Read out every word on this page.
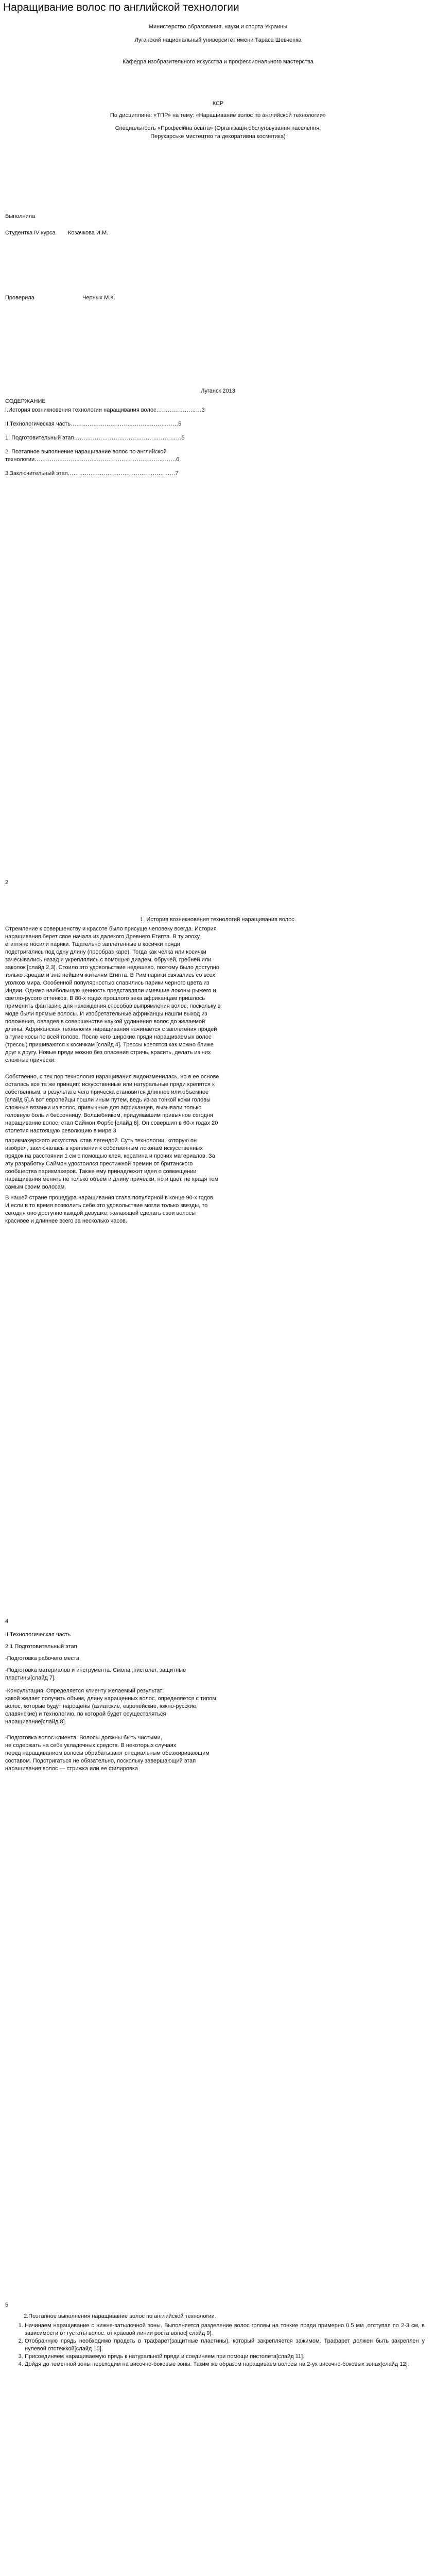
Наращивание волос по английской технологии
Министерство образования, науки и спорта Украины
Луганский национальный университет имени Тараса Шевченка
Кафедра изобразительного искусства и профессионального мастерства
КСР
По дисциплине: «ТПР» на тему: «Наращивание волос по английской технологии»
Специальность «Професійна освіта» (Організація обслуговування населення,
Перукарське мистецтво та декоративна косметика)
Выполнила
Студентка IV курса Козачкова И.М.
Проверила	Черных М.К.
Луганск 2013
СОДЕРЖАНИЕ
I.История возникновения технологии наращивания волос……………………3
II.Технологическая часть…………………………………………………5
1. Подготовительный этап…………………………………………………5
2. Поэтапное выполнение наращивание волос по английской
технологии…………………………………………………………………6
3.Заключительный этап…………………………………………………7
2
1. История возникновения технологий наращивания волос.
Стремление к совершенству и красоте было присуще человеку всегда. История
наращивания берет свое начала из далекого Древнего Египта. В ту эпоху
египтяне носили парики. Тщательно заплетенные в косички пряди
подстригались под одну длину (прообраз каре). Тогда как челка или косички
зачесывались назад и укреплялись с помощью диадем, обручей, гребней или
заколок [слайд 2,3]. Стоило это удовольствие недешево, поэтому было доступно
только жрецам и знатнейшим жителям Египта. В Рим парики связались со всех
уголков мира. Особенной популярностью славились парики черного цвета из
Индии. Однако наибольшую ценность представляли имевшие локоны рыжего и
светло-русого оттенков. В 80-х годах прошлого века африканцам пришлось
применить фантазию для нахождения способов выпрямления волос, поскольку в
моде были прямые волосы. И изобретательные африканцы нашли выход из
положения, овладев в совершенстве наукой удлинения волос до желаемой
длины. Африканская технология наращивания начинается с заплетения прядей
в тугие косы по всей голове. После чего широкие пряди наращиваемых волос
(трессы) пришиваются к косичкам [слайд 4]. Трессы крепятся как можно ближе
друг к другу. Новые пряди можно без опасения стричь, красить, делать из них
сложные прически.
Собственно, с тех пор технология наращивания видоизменилась, но в ее основе
осталась все та же принцип: искусственные или натуральные пряди крепятся к
собственным, в результате чего прическа становится длиннее или объемнее
[слайд 5].А вот европейцы пошли иным путем, ведь из-за тонкой кожи головы
сложные вязанки из волос, привычные для африканцев, вызывали только
головную боль и бессонницу. Волшебником, придумавшим привычное сегодня
наращивание волос, стал Саймон Форбс [слайд 6]. Он совершил в 60-х годах 20
столетия настоящую революцию в мире 3
парикмахерского искусства, став легендой. Суть технологии, которую он
изобрел, заключалась в креплении к собственным локонам искусственных
прядок на расстоянии 1 см с помощью клея, кератина и прочих материалов. За
эту разработку Саймон удостоился престижной премии от британского
сообщества парикмахеров. Также ему принадлежит идея о совмещении
наращивания менять не только объем и длину прически, но и цвет, не крадя тем
самым своим волосам.
В нашей стране процедура наращивания стала популярной в конце 90-х годов.
И если в то время позволить себе это удовольствие могли только звезды, то
сегодня оно доступно каждой девушке, желающей сделать свои волосы
красивее и длиннее всего за несколько часов.
4
II.Технологическая часть
2.1 Подготовительный этап
-Подготовка рабочего места
-Подготовка материалов и инструмента. Смола ,пистолет, защитные
пластины[слайд 7].
-Консультация. Определяется клиенту желаемый результат:
какой желает получить объем, длину наращенных волос, определяется с типом,
волос, которые будут нарощены (азиатские, европейские, южно-русские,
славянские) и технологию, по которой будет осуществляться
наращивание[слайд 8].
-Подготовка волос клиента. Волосы должны быть чистыми,
не содержать на себе укладочных средств. В некоторых случаях
перед наращиванием волосы обрабатывают специальным обезжиривающим
составом. Подстригаться не обязательно, поскольку завершающий этап
наращивания волос — стрижка или ее филировка
5
2.Поэтапное выполнения наращивание волос по английской технологии.
1. Начинаем наращивание с нижне-затылочной зоны. Выполняется разделение волос головы на тонкие пряди примерно 0.5 мм ,отступая по 2-3 см, в зависимости от густоты волос. от краевой линии роста волос[ слайд 9].
2. Отобранную прядь необходимо продеть в трафарет(защитные пластины), который закрепляется зажимом. Трафарет должен быть закреплен у нулевой отстежкой[слайд 10].
3. Присоединяем наращиваемую прядь к натуральной пряди и соединяем при помощи пистолета[слайд 11].
4. Дойдя до теменной зоны переходим на височно-боковые зоны. Таким же образом наращиваем волосы на 2-ух височно-боковых зонах[слайд 12].
